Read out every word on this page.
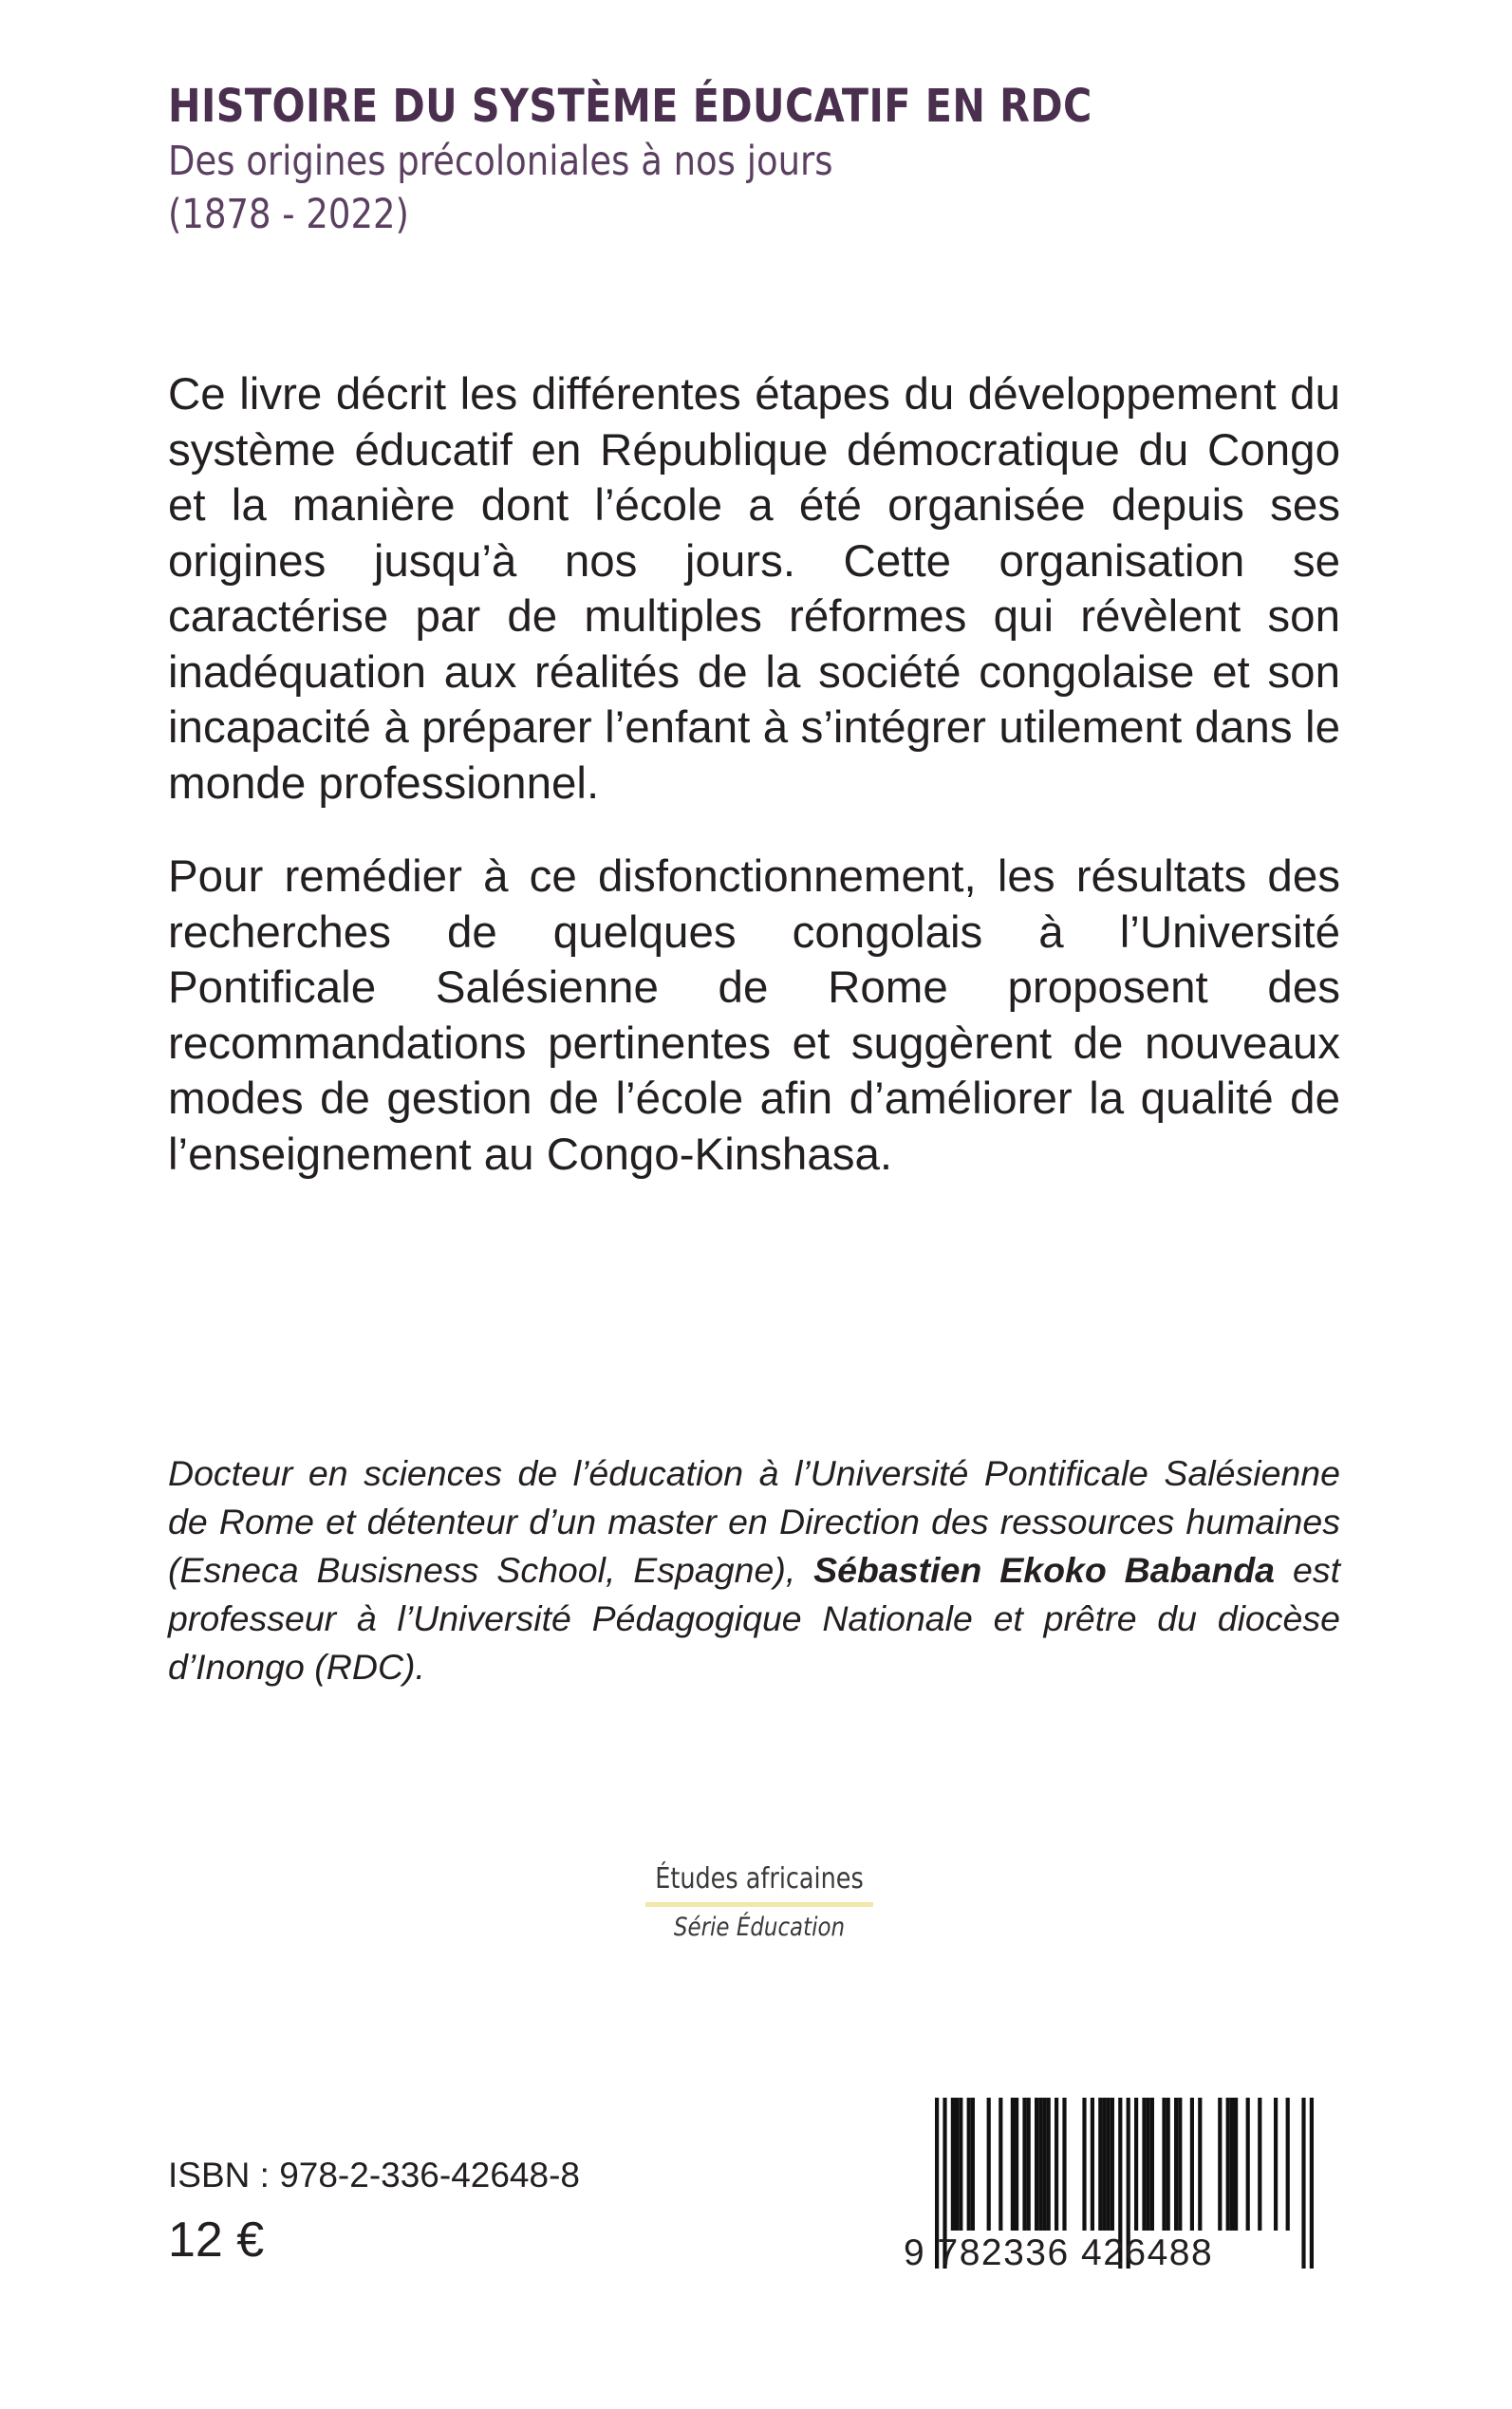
HISTOIRE DU SYSTÈME ÉDUCATIF EN RDC
Des origines précoloniales à nos jours
(1878 - 2022)

Ce livre décrit les différentes étapes du développement du système éducatif en République démocratique du Congo et la manière dont l’école a été organisée depuis ses origines jusqu’à nos jours. Cette organisation se caractérise par de multiples réformes qui révèlent son inadéquation aux réalités de la société congolaise et son incapacité à préparer l’enfant à s’intégrer utilement dans le monde professionnel.

Pour remédier à ce disfonctionnement, les résultats des recherches de quelques congolais à l’Université Pontificale Salésienne de Rome proposent des recommandations pertinentes et suggèrent de nouveaux modes de gestion de l’école afin d’améliorer la qualité de l’enseignement au Congo-Kinshasa.

Docteur en sciences de l’éducation à l’Université Pontificale Salésienne de Rome et détenteur d’un master en Direction des ressources humaines (Esneca Busisness School, Espagne), Sébastien Ekoko Babanda est professeur à l’Université Pédagogique Nationale et prêtre du diocèse d’Inongo (RDC).

Études africaines
Série Éducation
ISBN : 978-2-336-42648-8
12 €	9 782336 426488
